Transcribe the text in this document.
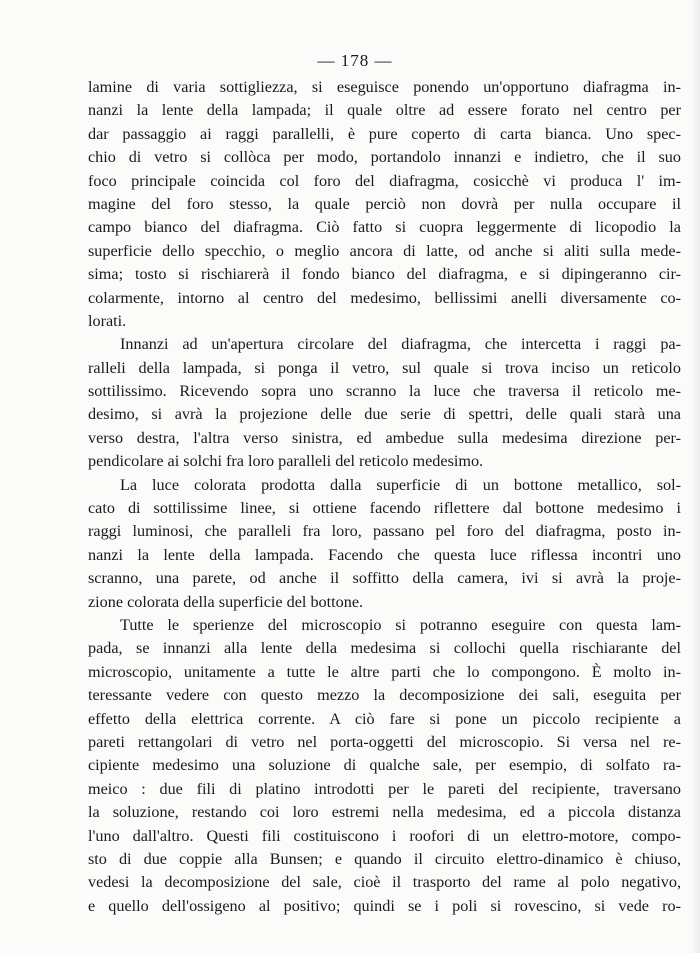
— 178 —
lamine di varia sottigliezza, si eseguisce ponendo un'opportuno diafragma in-
nanzi la lente della lampada; il quale oltre ad essere forato nel centro per
dar passaggio ai raggi parallelli, è pure coperto di carta bianca. Uno spec-
chio di vetro si collòca per modo, portandolo innanzi e indietro, che il suo
foco principale coincida col foro del diafragma, cosicchè vi produca l' im-
magine del foro stesso, la quale perciò non dovrà per nulla occupare il
campo bianco del diafragma. Ciò fatto si cuopra leggermente di licopodio la
superficie dello specchio, o meglio ancora di latte, od anche si aliti sulla mede-
sima; tosto si rischiarerà il fondo bianco del diafragma, e si dipingeranno cir-
colarmente, intorno al centro del medesimo, bellissimi anelli diversamente co-
lorati.
Innanzi ad un'apertura circolare del diafragma, che intercetta i raggi pa-
ralleli della lampada, si ponga il vetro, sul quale si trova inciso un reticolo
sottilissimo. Ricevendo sopra uno scranno la luce che traversa il reticolo me-
desimo, si avrà la projezione delle due serie di spettri, delle quali starà una
verso destra, l'altra verso sinistra, ed ambedue sulla medesima direzione per-
pendicolare ai solchi fra loro paralleli del reticolo medesimo.
La luce colorata prodotta dalla superficie di un bottone metallico, sol-
cato di sottilissime linee, si ottiene facendo riflettere dal bottone medesimo i
raggi luminosi, che paralleli fra loro, passano pel foro del diafragma, posto in-
nanzi la lente della lampada. Facendo che questa luce riflessa incontri uno
scranno, una parete, od anche il soffitto della camera, ivi si avrà la proje-
zione colorata della superficie del bottone.
Tutte le sperienze del microscopio si potranno eseguire con questa lam-
pada, se innanzi alla lente della medesima si collochi quella rischiarante del
microscopio, unitamente a tutte le altre parti che lo compongono. È molto in-
teressante vedere con questo mezzo la decomposizione dei sali, eseguita per
effetto della elettrica corrente. A ciò fare si pone un piccolo recipiente a
pareti rettangolari di vetro nel porta-oggetti del microscopio. Si versa nel re-
cipiente medesimo una soluzione di qualche sale, per esempio, di solfato ra-
meico : due fili di platino introdotti per le pareti del recipiente, traversano
la soluzione, restando coi loro estremi nella medesima, ed a piccola distanza
l'uno dall'altro. Questi fili costituiscono i roofori di un elettro-motore, compo-
sto di due coppie alla Bunsen; e quando il circuito elettro-dinamico è chiuso,
vedesi la decomposizione del sale, cioè il trasporto del rame al polo negativo,
e quello dell'ossigeno al positivo; quindi se i poli si rovescino, si vede ro-
